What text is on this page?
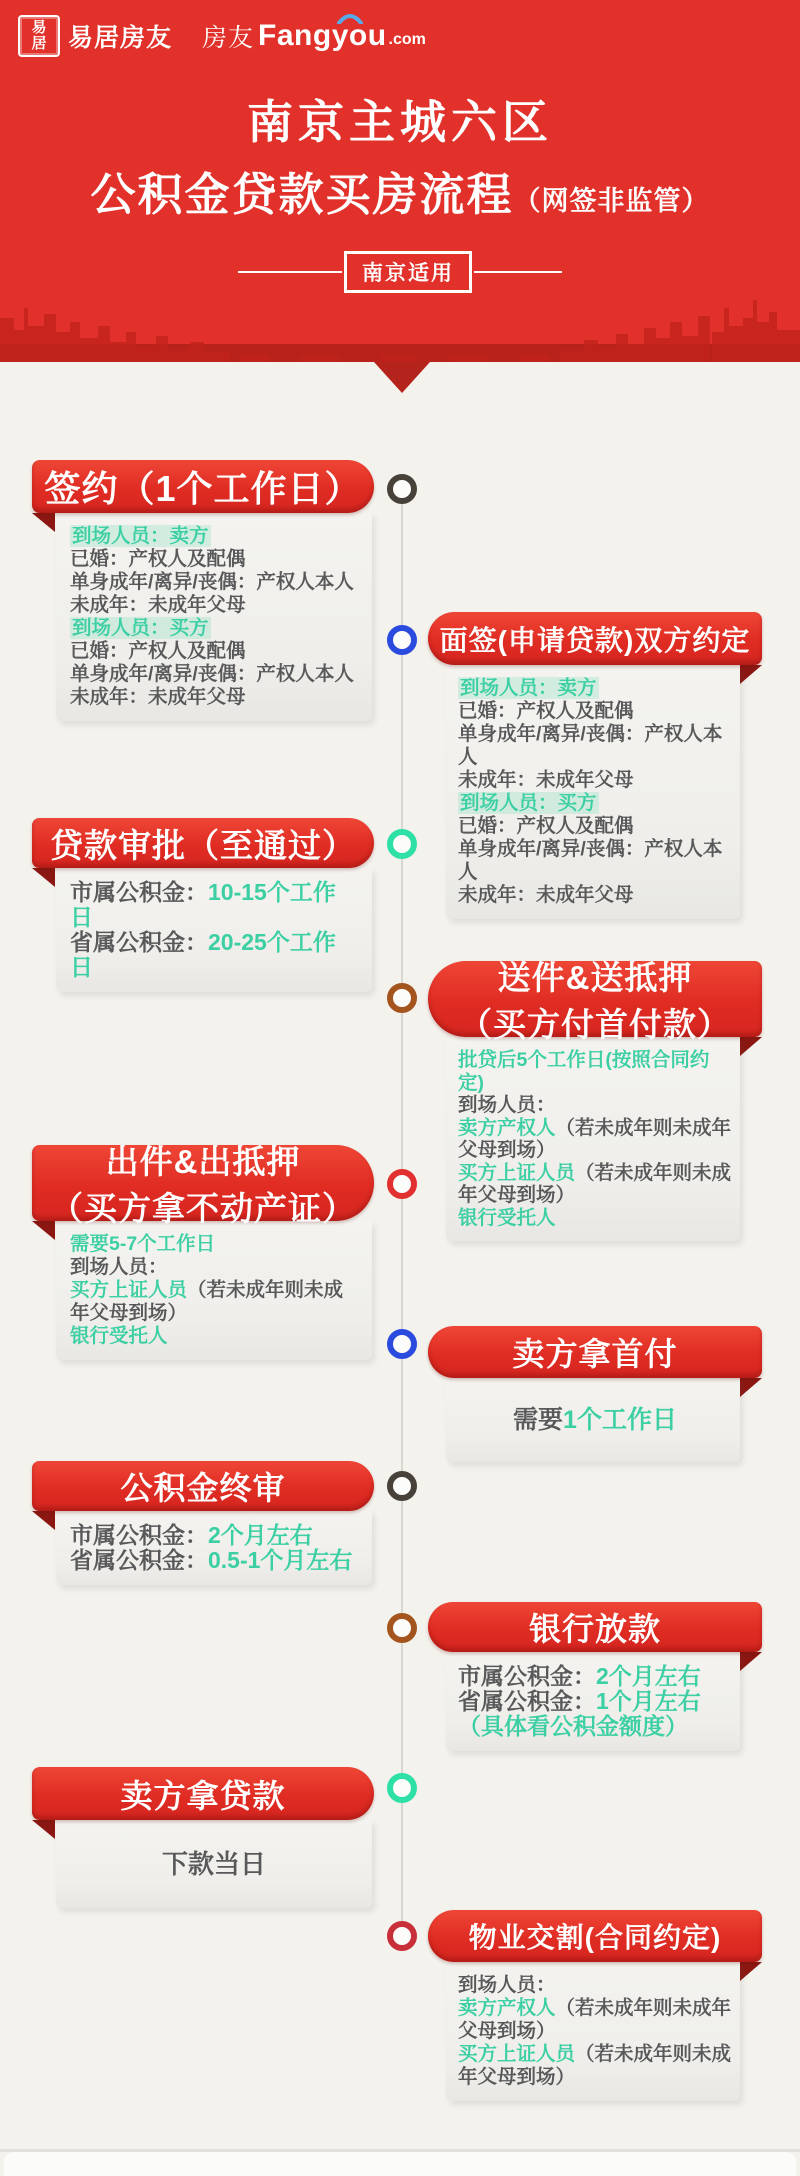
易居 易居房友 房友 Fangyou .com
南京主城六区
公积金贷款买房流程（网签非监管）
南京适用
签约（1个工作日）
到场人员：卖方
已婚：产权人及配偶
单身成年/离异/丧偶：产权人本人
未成年：未成年父母
到场人员：买方
已婚：产权人及配偶
单身成年/离异/丧偶：产权人本人
未成年：未成年父母
面签(申请贷款)双方约定
到场人员：卖方
已婚：产权人及配偶
单身成年/离异/丧偶：产权人本人
未成年：未成年父母
到场人员：买方
已婚：产权人及配偶
单身成年/离异/丧偶：产权人本人
未成年：未成年父母
贷款审批（至通过）
市属公积金：10-15个工作日
省属公积金：20-25个工作日	送件&送抵押
（买方付首付款）
批贷后5个工作日(按照合同约定)
到场人员：
卖方产权人（若未成年则未成年父母到场）
买方上证人员（若未成年则未成年父母到场）
银行受托人
出件&出抵押
（买方拿不动产证）
需要5-7个工作日
到场人员：
买方上证人员（若未成年则未成年父母到场）
银行受托人	卖方拿首付
需要1个工作日
公积金终审
市属公积金：2个月左右
省属公积金：0.5-1个月左右
银行放款
市属公积金：2个月左右
省属公积金：1个月左右
（具体看公积金额度）
卖方拿贷款
下款当日
物业交割(合同约定)
到场人员：
卖方产权人（若未成年则未成年父母到场）
买方上证人员（若未成年则未成年父母到场）
